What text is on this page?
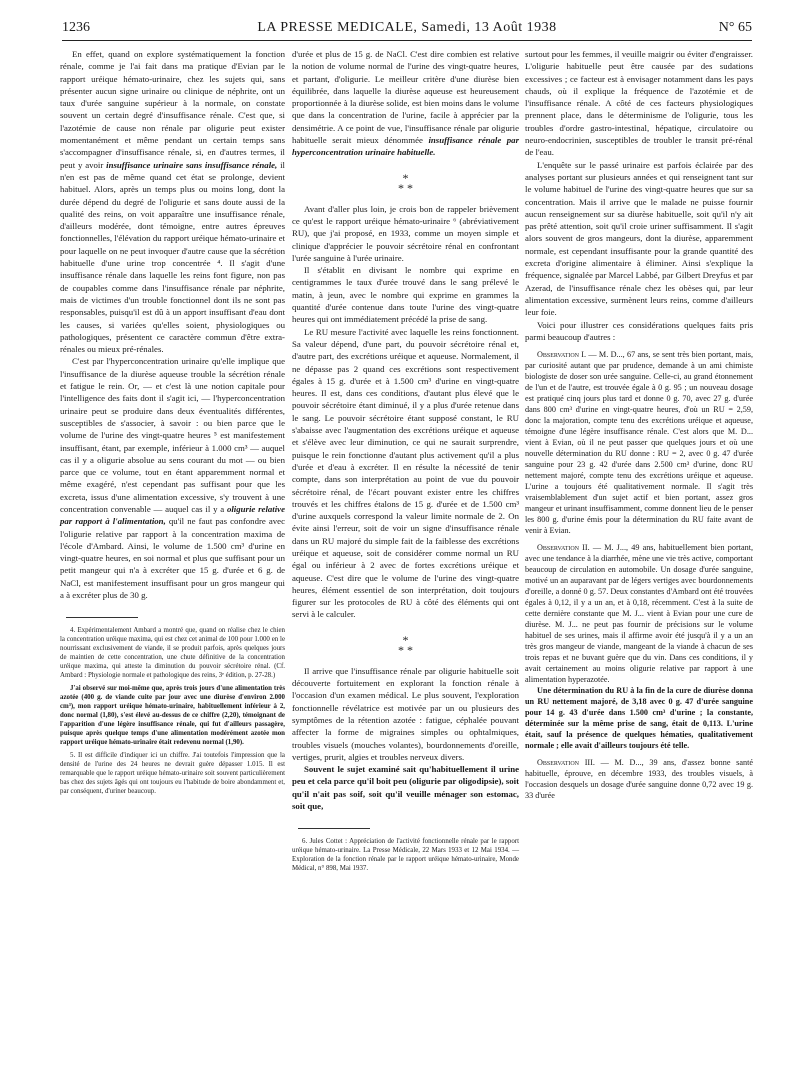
1236	LA PRESSE MEDICALE, Samedi, 13 Août 1938	N° 65

En effet, quand on explore systématiquement la fonction rénale, comme je l'ai fait dans ma pratique d'Evian par le rapport uréique hémato-urinaire, chez les sujets qui, sans présenter aucun signe urinaire ou clinique de néphrite, ont un taux d'urée sanguine supérieur à la normale, on constate souvent un certain degré d'insuffisance rénale. C'est que, si l'azotémie de cause non rénale par oligurie peut exister momentanément et même pendant un certain temps sans s'accompagner d'insuffisance rénale, si, en d'autres termes, il peut y avoir insuffisance urinaire sans insuffisance rénale, il n'en est pas de même quand cet état se prolonge, devient habituel. Alors, après un temps plus ou moins long, dont la durée dépend du degré de l'oligurie et sans doute aussi de la qualité des reins, on voit apparaître une insuffisance rénale, d'ailleurs modérée, dont témoigne, entre autres épreuves fonctionnelles, l'élévation du rapport uréique hémato-urinaire et pour laquelle on ne peut invoquer d'autre cause que la sécrétion habituelle d'une urine trop concentrée ⁴. Il s'agit d'une insuffisance rénale dans laquelle les reins font figure, non pas de coupables comme dans l'insuffisance rénale par néphrite, mais de victimes d'un trouble fonctionnel dont ils ne sont pas responsables, puisqu'il est dû à un apport insuffisant d'eau dont les causes, si variées qu'elles soient, physiologiques ou pathologiques, présentent ce caractère commun d'être extra-rénales ou mieux pré-rénales.

C'est par l'hyperconcentration urinaire qu'elle implique que l'insuffisance de la diurèse aqueuse trouble la sécrétion rénale et fatigue le rein. Or, — et c'est là une notion capitale pour l'intelligence des faits dont il s'agit ici, — l'hyperconcentration urinaire peut se produire dans deux éventualités différentes, susceptibles de s'associer, à savoir : ou bien parce que le volume de l'urine des vingt-quatre heures ⁵ est manifestement insuffisant, étant, par exemple, inférieur à 1.000 cm³ — auquel cas il y a oligurie absolue au sens courant du mot — ou bien parce que ce volume, tout en étant apparemment normal et même exagéré, n'est cependant pas suffisant pour que les excreta, issus d'une alimentation excessive, s'y trouvent à une concentration convenable — auquel cas il y a oligurie relative par rapport à l'alimentation, qu'il ne faut pas confondre avec l'oligurie relative par rapport à la concentration maxima de l'école d'Ambard. Ainsi, le volume de 1.500 cm³ d'urine en vingt-quatre heures, en soi normal et plus que suffisant pour un petit mangeur qui n'a à excréter que 15 g. d'urée et 6 g. de NaCl, est manifestement insuffisant pour un gros mangeur qui a à excréter plus de 30 g.

4. Expérimentalement Ambard a montré que, quand on réalise chez le chien la concentration uréique maxima, qui est chez cet animal de 100 pour 1.000 en le nourrissant exclusivement de viande, il se produit parfois, après quelques jours de maintien de cette concentration, une chute définitive de la concentration uréique maxima, qui atteste la diminution du pouvoir sécrétoire rénal. (Cf. Ambard : Physiologie normale et pathologique des reins, 3ᵉ édition, p. 27-28.)

J'ai observé sur moi-même que, après trois jours d'une alimentation très azotée (400 g. de viande cuite par jour avec une diurèse d'environ 2.000 cm³), mon rapport uréique hémato-urinaire, habituellement inférieur à 2, donc normal (1,80), s'est élevé au-dessus de ce chiffre (2,20), témoignant de l'apparition d'une légère insuffisance rénale, qui fut d'ailleurs passagère, puisque après quelque temps d'une alimentation modérément azotée mon rapport uréique hémato-urinaire était redevenu normal (1,90).

5. Il est difficile d'indiquer ici un chiffre. J'ai toutefois l'impression que la densité de l'urine des 24 heures ne devrait guère dépasser 1.015. Il est remarquable que le rapport uréique hémato-urinaire soit souvent particulièrement bas chez des sujets âgés qui ont toujours eu l'habitude de boire abondamment et, par conséquent, d'uriner beaucoup.

d'urée et plus de 15 g. de NaCl. C'est dire combien est relative la notion de volume normal de l'urine des vingt-quatre heures, et partant, d'oligurie. Le meilleur critère d'une diurèse bien équilibrée, dans laquelle la diurèse aqueuse est heureusement proportionnée à la diurèse solide, est bien moins dans le volume que dans la concentration de l'urine, facile à apprécier par la densimétrie. A ce point de vue, l'insuffisance rénale par oligurie habituelle serait mieux dénommée insuffisance rénale par hyperconcentration urinaire habituelle.

*
* *

Avant d'aller plus loin, je crois bon de rappeler brièvement ce qu'est le rapport uréique hémato-urinaire ⁶ (abréviativement RU), que j'ai proposé, en 1933, comme un moyen simple et clinique d'apprécier le pouvoir sécrétoire rénal en confrontant l'urée sanguine à l'urée urinaire.

Il s'établit en divisant le nombre qui exprime en centigrammes le taux d'urée trouvé dans le sang prélevé le matin, à jeun, avec le nombre qui exprime en grammes la quantité d'urée contenue dans toute l'urine des vingt-quatre heures qui ont immédiatement précédé la prise de sang.

Le RU mesure l'activité avec laquelle les reins fonctionnent. Sa valeur dépend, d'une part, du pouvoir sécrétoire rénal et, d'autre part, des excrétions uréique et aqueuse. Normalement, il ne dépasse pas 2 quand ces excrétions sont respectivement égales à 15 g. d'urée et à 1.500 cm³ d'urine en vingt-quatre heures. Il est, dans ces conditions, d'autant plus élevé que le pouvoir sécrétoire étant diminué, il y a plus d'urée retenue dans le sang. Le pouvoir sécrétoire étant supposé constant, le RU s'abaisse avec l'augmentation des excrétions uréique et aqueuse et s'élève avec leur diminution, ce qui ne saurait surprendre, puisque le rein fonctionne d'autant plus activement qu'il a plus d'urée et d'eau à excréter. Il en résulte la nécessité de tenir compte, dans son interprétation au point de vue du pouvoir sécrétoire rénal, de l'écart pouvant exister entre les chiffres trouvés et les chiffres étalons de 15 g. d'urée et de 1.500 cm³ d'urine auxquels correspond la valeur limite normale de 2. On évite ainsi l'erreur, soit de voir un signe d'insuffisance rénale dans un RU majoré du simple fait de la faiblesse des excrétions uréique et aqueuse, soit de considérer comme normal un RU égal ou inférieur à 2 avec de fortes excrétions uréique et aqueuse. C'est dire que le volume de l'urine des vingt-quatre heures, élément essentiel de son interprétation, doit toujours figurer sur les protocoles de RU à côté des éléments qui ont servi à le calculer.

*
* *

Il arrive que l'insuffisance rénale par oligurie habituelle soit découverte fortuitement en explorant la fonction rénale à l'occasion d'un examen médical. Le plus souvent, l'exploration fonctionnelle révélatrice est motivée par un ou plusieurs des symptômes de la rétention azotée : fatigue, céphalée pouvant affecter la forme de migraines simples ou ophtalmiques, troubles visuels (mouches volantes), bourdonnements d'oreille, vertiges, prurit, algies et troubles nerveux divers.

Souvent le sujet examiné sait qu'habituellement il urine peu et cela parce qu'il boit peu (oligurie par oligodipsie), soit qu'il n'ait pas soif, soit qu'il veuille ménager son estomac, soit que,

6. Jules Cottet : Appréciation de l'activité fonctionnelle rénale par le rapport uréique hémato-urinaire. La Presse Médicale, 22 Mars 1933 et 12 Mai 1934. — Exploration de la fonction rénale par le rapport uréique hémato-urinaire, Monde Médical, n° 898, Mai 1937.

surtout pour les femmes, il veuille maigrir ou éviter d'engraisser. L'oligurie habituelle peut être causée par des sudations excessives ; ce facteur est à envisager notamment dans les pays chauds, où il explique la fréquence de l'azotémie et de l'insuffisance rénale. A côté de ces facteurs physiologiques prennent place, dans le déterminisme de l'oligurie, tous les troubles d'ordre gastro-intestinal, hépatique, circulatoire ou neuro-endocrinien, susceptibles de troubler le transit pré-rénal de l'eau.

L'enquête sur le passé urinaire est parfois éclairée par des analyses portant sur plusieurs années et qui renseignent tant sur le volume habituel de l'urine des vingt-quatre heures que sur sa concentration. Mais il arrive que le malade ne puisse fournir aucun renseignement sur sa diurèse habituelle, soit qu'il n'y ait pas prêté attention, soit qu'il croie uriner suffisamment. Il s'agit alors souvent de gros mangeurs, dont la diurèse, apparemment normale, est cependant insuffisante pour la grande quantité des excreta d'origine alimentaire à éliminer. Ainsi s'explique la fréquence, signalée par Marcel Labbé, par Gilbert Dreyfus et par Azerad, de l'insuffisance rénale chez les obèses qui, par leur alimentation excessive, surmènent leurs reins, comme d'ailleurs leur foie.

Voici pour illustrer ces considérations quelques faits pris parmi beaucoup d'autres :

Observation I. — M. D..., 67 ans, se sent très bien portant, mais, par curiosité autant que par prudence, demande à un ami chimiste biologiste de doser son urée sanguine. Celle-ci, au grand étonnement de l'un et de l'autre, est trouvée égale à 0 g. 95 ; un nouveau dosage est pratiqué cinq jours plus tard et donne 0 g. 70, avec 27 g. d'urée dans 800 cm³ d'urine en vingt-quatre heures, d'où un RU = 2,59, donc la majoration, compte tenu des excrétions uréique et aqueuse, témoigne d'une légère insuffisance rénale. C'est alors que M. D... vient à Evian, où il ne peut passer que quelques jours et où une nouvelle détermination du RU donne : RU = 2, avec 0 g. 47 d'urée sanguine pour 23 g. 42 d'urée dans 2.500 cm³ d'urine, donc RU nettement majoré, compte tenu des excrétions uréique et aqueuse. L'urine a toujours été qualitativement normale. Il s'agit très vraisemblablement d'un sujet actif et bien portant, assez gros mangeur et urinant insuffisamment, comme donnent lieu de le penser les 800 g. d'urine émis pour la détermination du RU faite avant de venir à Evian.

Observation II. — M. J..., 49 ans, habituellement bien portant, avec une tendance à la diarrhée, mène une vie très active, comportant beaucoup de circulation en automobile. Un dosage d'urée sanguine, motivé un an auparavant par de légers vertiges avec bourdonnements d'oreille, a donné 0 g. 57. Deux constantes d'Ambard ont été trouvées égales à 0,12, il y a un an, et à 0,18, récemment. C'est à la suite de cette dernière constante que M. J... vient à Evian pour une cure de diurèse. M. J... ne peut pas fournir de précisions sur le volume habituel de ses urines, mais il affirme avoir été jusqu'à il y a un an très gros mangeur de viande, mangeant de la viande à chacun de ses trois repas et ne buvant guère que du vin. Dans ces conditions, il y avait certainement au moins oligurie relative par rapport à une alimentation hyperazotée.

Une détermination du RU à la fin de la cure de diurèse donna un RU nettement majoré, de 3,18 avec 0 g. 47 d'urée sanguine pour 14 g. 43 d'urée dans 1.500 cm³ d'urine ; la constante, déterminée sur la même prise de sang, était de 0,113. L'urine était, sauf la présence de quelques hématies, qualitativement normale ; elle avait d'ailleurs toujours été telle.

Observation III. — M. D..., 39 ans, d'assez bonne santé habituelle, éprouve, en décembre 1933, des troubles visuels, à l'occasion desquels un dosage d'urée sanguine donne 0,72 avec 19 g. 33 d'urée
